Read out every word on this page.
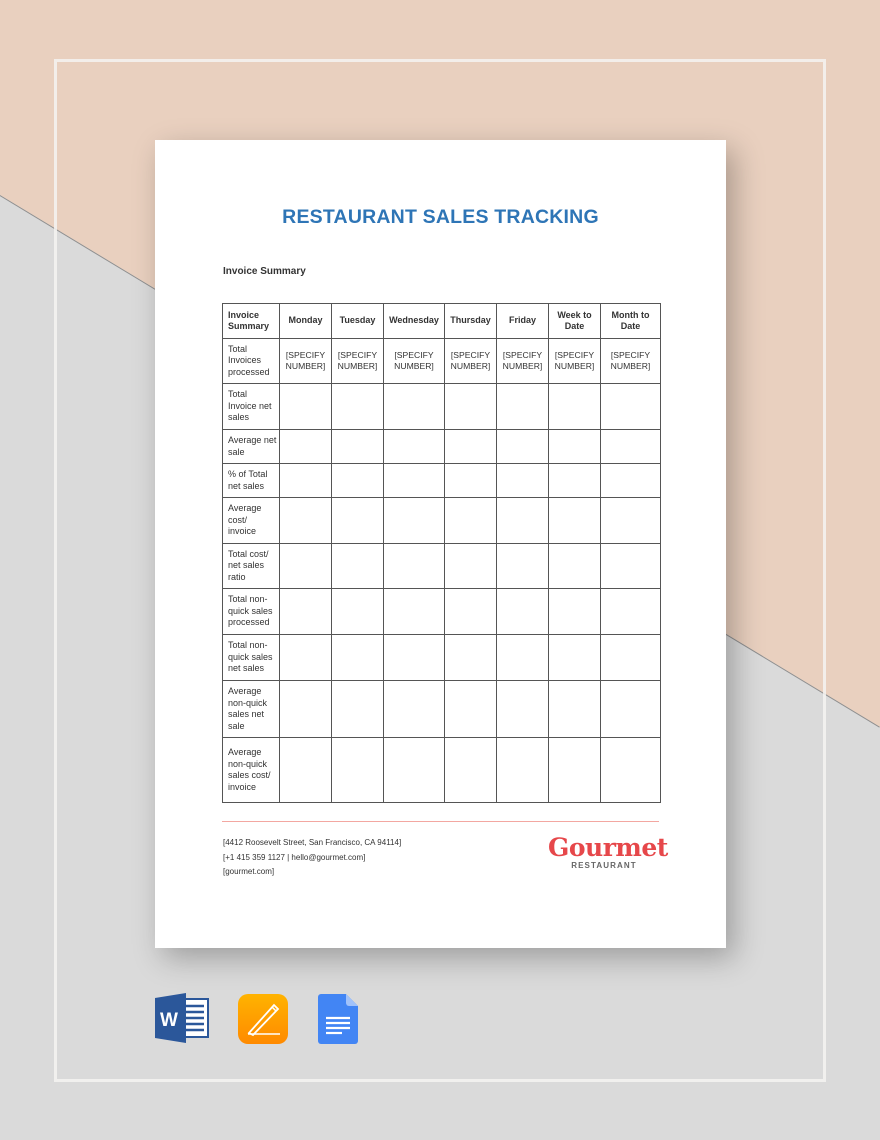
RESTAURANT SALES TRACKING
Invoice Summary
Invoice Summary	Monday	Tuesday	Wednesday	Thursday	Friday	Week to Date	Month to Date
Total Invoices processed	[SPECIFY NUMBER]	[SPECIFY NUMBER]	[SPECIFY NUMBER]	[SPECIFY NUMBER]	[SPECIFY NUMBER]	[SPECIFY NUMBER]	[SPECIFY NUMBER]
Total Invoice net sales							
Average net sale							
% of Total net sales							
Average cost/ invoice							
Total cost/ net sales ratio							
Total non-quick sales processed							
Total non-quick sales net sales							
Average non-quick sales net sale							
Average non-quick sales cost/ invoice							
[4412 Roosevelt Street, San Francisco, CA 94114]
[+1 415 359 1127 | hello@gourmet.com]
[gourmet.com]
Gourmet
RESTAURANT
W
